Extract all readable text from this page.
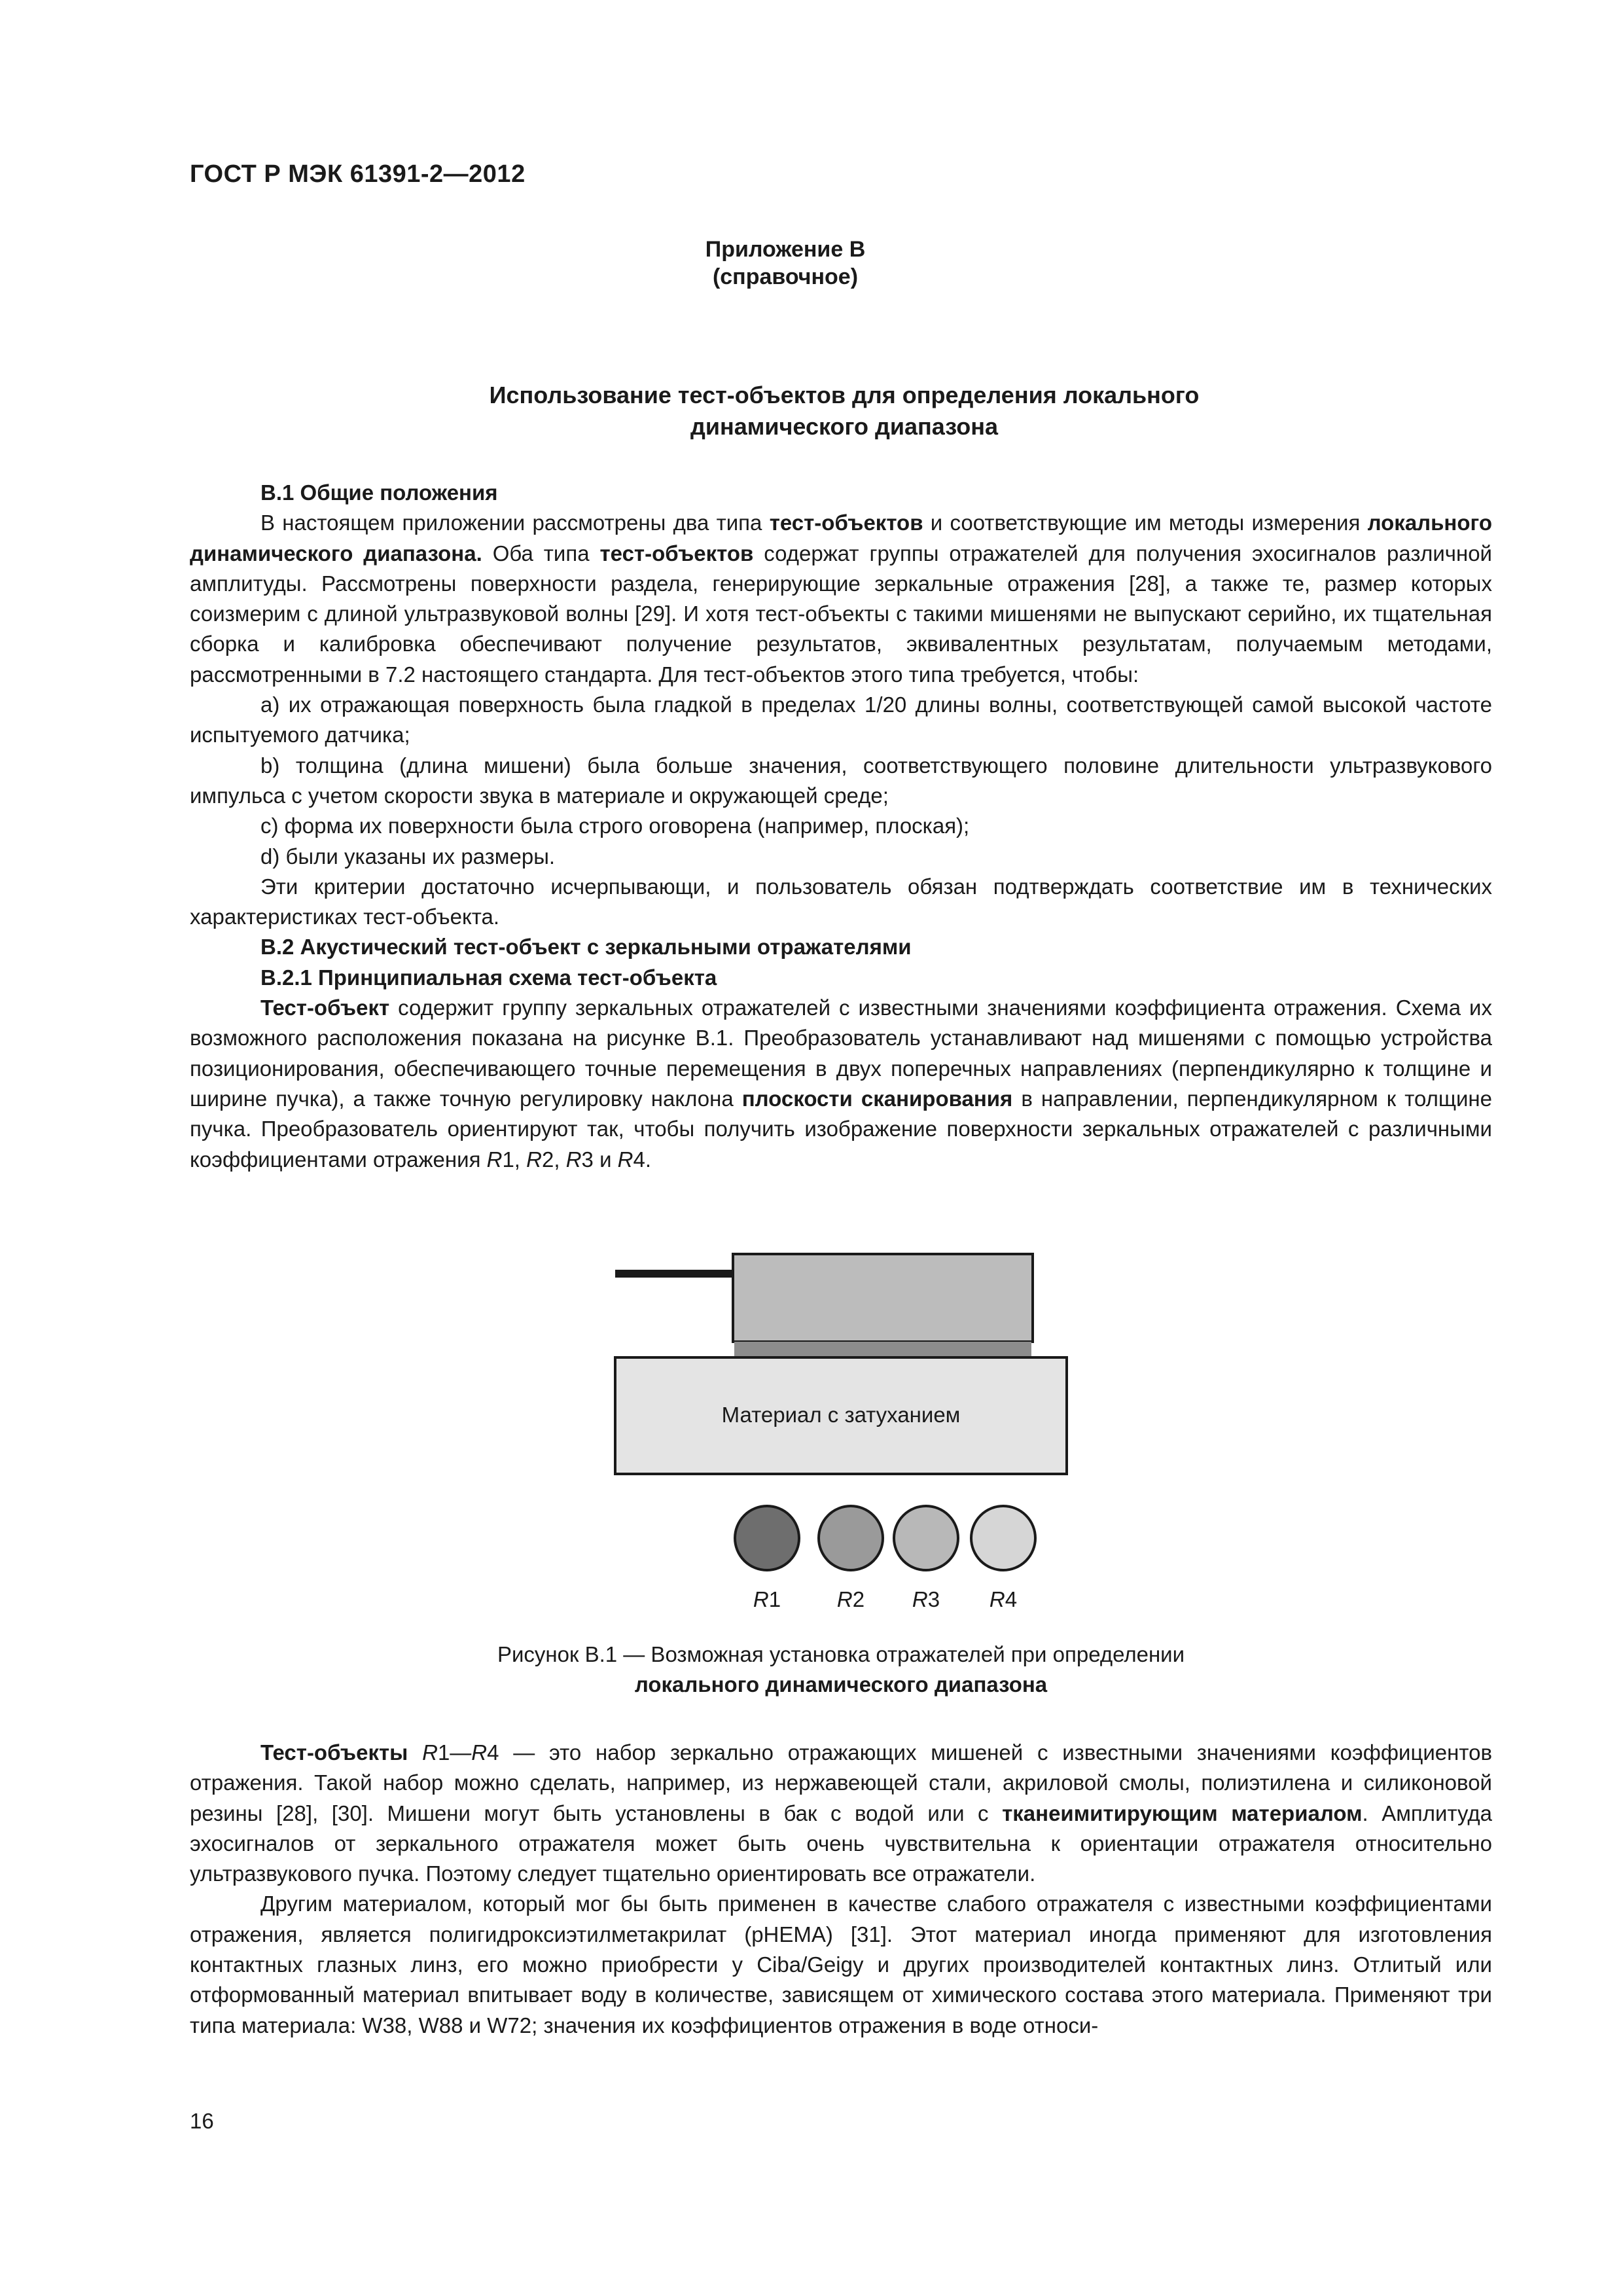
ГОСТ Р МЭК 61391-2—2012
Приложение В
(справочное)
Использование тест-объектов для определения локального
динамического диапазона

В.1 Общие положения

В настоящем приложении рассмотрены два типа тест-объектов и соответствующие им методы измерения локального динамического диапазона. Оба типа тест-объектов содержат группы отражателей для получения эхосигналов различной амплитуды. Рассмотрены поверхности раздела, генерирующие зеркальные отражения [28], а также те, размер которых соизмерим с длиной ультразвуковой волны [29]. И хотя тест-объекты с такими мишенями не выпускают серийно, их тщательная сборка и калибровка обеспечивают получение результатов, эквивалентных результатам, получаемым методами, рассмотренными в 7.2 настоящего стандарта. Для тест-объектов этого типа требуется, чтобы:

а) их отражающая поверхность была гладкой в пределах 1/20 длины волны, соответствующей самой высокой частоте испытуемого датчика;

b) толщина (длина мишени) была больше значения, соответствующего половине длительности ультразвукового импульса с учетом скорости звука в материале и окружающей среде;

с) форма их поверхности была строго оговорена (например, плоская);

d) были указаны их размеры.

Эти критерии достаточно исчерпывающи, и пользователь обязан подтверждать соответствие им в технических характеристиках тест-объекта.

В.2 Акустический тест-объект с зеркальными отражателями

В.2.1 Принципиальная схема тест-объекта

Тест-объект содержит группу зеркальных отражателей с известными значениями коэффициента отражения. Схема их возможного расположения показана на рисунке В.1. Преобразователь устанавливают над мишенями с помощью устройства позиционирования, обеспечивающего точные перемещения в двух поперечных направлениях (перпендикулярно к толщине и ширине пучка), а также точную регулировку наклона плоскости сканирования в направлении, перпендикулярном к толщине пучка. Преобразователь ориентируют так, чтобы получить изображение поверхности зеркальных отражателей с различными коэффициентами отражения R1, R2, R3 и R4.

Материал с затуханием
R1	R2 R3 R4
Рисунок В.1 — Возможная установка отражателей при определении
локального динамического диапазона

Тест-объекты R1—R4 — это набор зеркально отражающих мишеней с известными значениями коэффициентов отражения. Такой набор можно сделать, например, из нержавеющей стали, акриловой смолы, полиэтилена и силиконовой резины [28], [30]. Мишени могут быть установлены в бак с водой или с тканеимитирующим материалом. Амплитуда эхосигналов от зеркального отражателя может быть очень чувствительна к ориентации отражателя относительно ультразвукового пучка. Поэтому следует тщательно ориентировать все отражатели.

Другим материалом, который мог бы быть применен в качестве слабого отражателя с известными коэффициентами отражения, является полигидроксиэтилметакрилат (pHEMA) [31]. Этот материал иногда применяют для изготовления контактных глазных линз, его можно приобрести у Ciba/Geigy и других производителей контактных линз. Отлитый или отформованный материал впитывает воду в количестве, зависящем от химического состава этого материала. Применяют три типа материала: W38, W88 и W72; значения их коэффициентов отражения в воде относи-

16
